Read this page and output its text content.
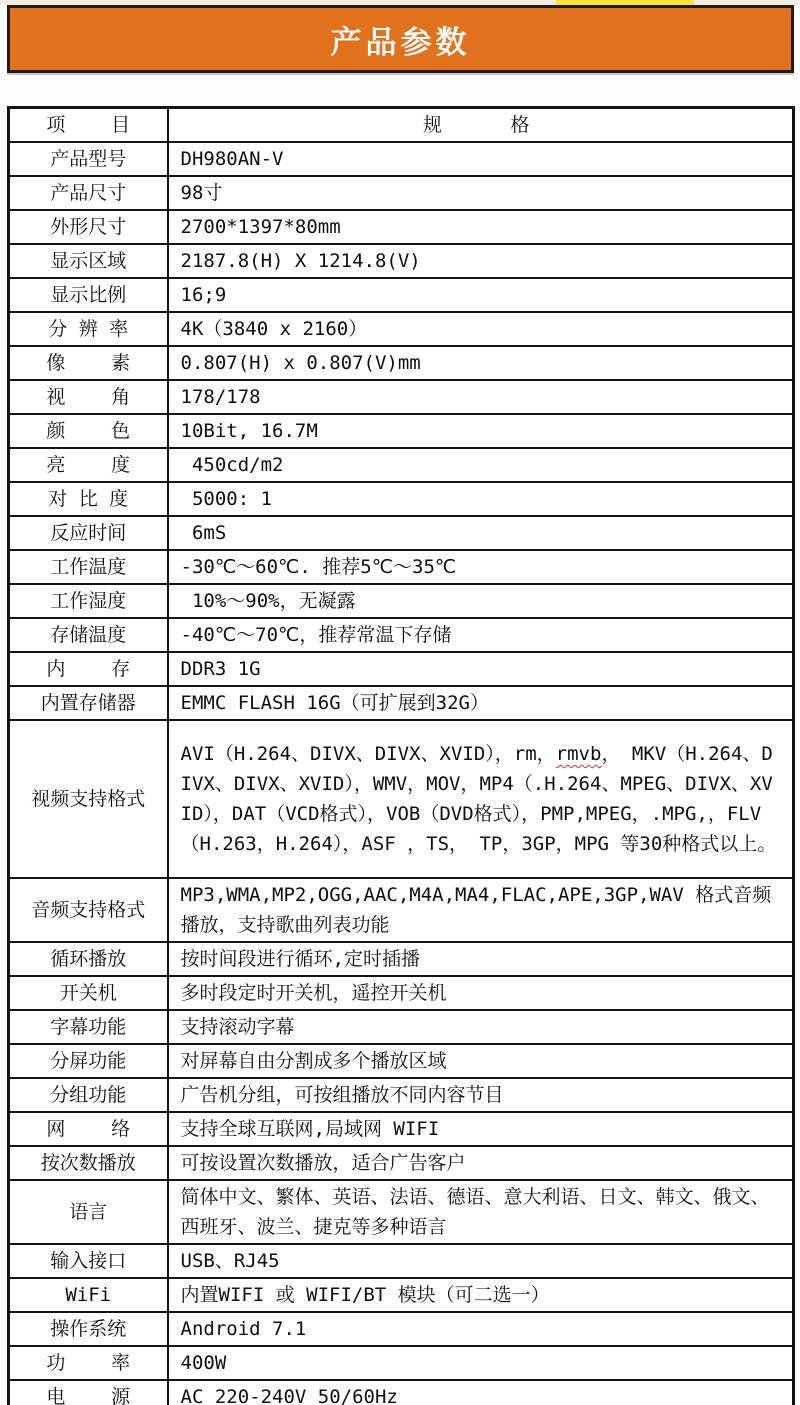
产品参数
项    目	规      格
产品型号	DH980AN-V
产品尺寸	98寸
外形尺寸	2700*1397*80mm
显示区域	2187.8(H) X 1214.8(V)
显示比例	16;9
分 辨 率	4K（3840 x 2160）
像    素	0.807(H) x 0.807(V)mm
视    角	178/178
颜    色	10Bit, 16.7M
亮    度	450cd/m2
对 比 度	5000: 1
反应时间	6mS
工作温度	-30℃～60℃. 推荐5℃～35℃
工作湿度	10%～90%，无凝露
存储温度	-40℃～70℃，推荐常温下存储
内    存	DDR3 1G
内置存储器	EMMC FLASH 16G（可扩展到32G）
视频支持格式	AVI（H.264、DIVX、DIVX、XVID），rm，rmvb， MKV（H.264、DIVX、DIVX、XVID），WMV，MOV，MP4（.H.264、MPEG、DIVX、XVID），DAT（VCD格式），VOB（DVD格式），PMP,MPEG，.MPG,，FLV（H.263，H.264），ASF ，TS， TP，3GP，MPG 等30种格式以上。
音频支持格式	MP3,WMA,MP2,OGG,AAC,M4A,MA4,FLAC,APE,3GP,WAV 格式音频播放，支持歌曲列表功能
循环播放	按时间段进行循环,定时插播
开关机	多时段定时开关机，遥控开关机
字幕功能	支持滚动字幕
分屏功能	对屏幕自由分割成多个播放区域
分组功能	广告机分组，可按组播放不同内容节目
网    络	支持全球互联网,局域网 WIFI
按次数播放	可按设置次数播放，适合广告客户
语言	简体中文、繁体、英语、法语、德语、意大利语、日文、韩文、俄文、西班牙、波兰、捷克等多种语言
输入接口	USB、RJ45
WiFi	内置WIFI 或 WIFI/BT 模块（可二选一）
操作系统	Android 7.1
功    率	400W
电    源	AC 220-240V 50/60Hz
